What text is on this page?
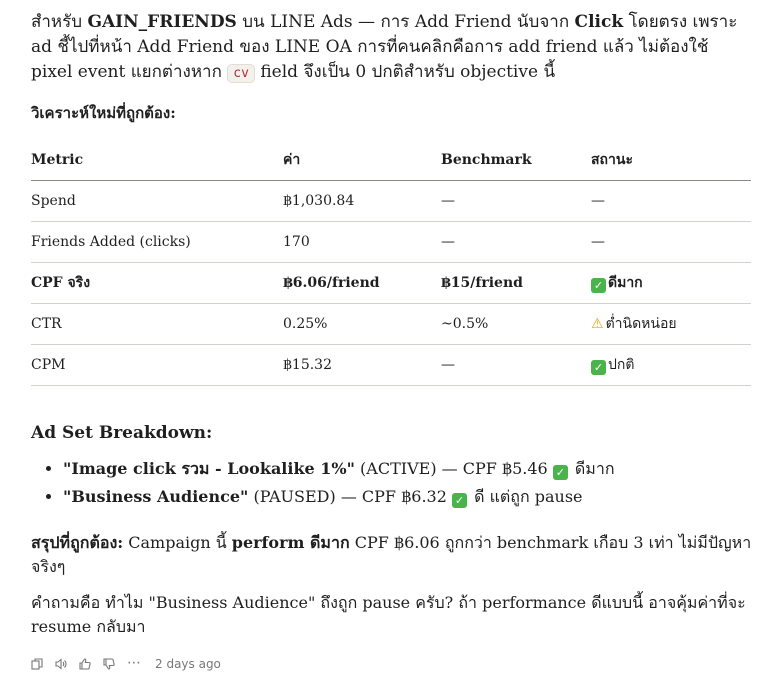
สำหรับ GAIN_FRIENDS บน LINE Ads — การ Add Friend นับจาก Click โดยตรง เพราะ ad ชี้ไปที่หน้า Add Friend ของ LINE OA การที่คนคลิกคือการ add friend แล้ว ไม่ต้องใช้ pixel event แยกต่างหาก cv field จึงเป็น 0 ปกติสำหรับ objective นี้

วิเคราะห์ใหม่ที่ถูกต้อง:
Metric	ค่า	Benchmark	สถานะ
Spend	฿1,030.84	—	—
Friends Added (clicks)	170	—	—
CPF จริง	฿6.06/friend	฿15/friend	✓ ดีมาก
CTR	0.25%	~0.5%	⚠ ต่ำนิดหน่อย
CPM	฿15.32	—	✓ ปกติ
Ad Set Breakdown:
• "Image click รวม - Lookalike 1%" (ACTIVE) — CPF ฿5.46 ✓ ดีมาก
• "Business Audience" (PAUSED) — CPF ฿6.32 ✓ ดี แต่ถูก pause

สรุปที่ถูกต้อง: Campaign นี้ perform ดีมาก CPF ฿6.06 ถูกกว่า benchmark เกือบ 3 เท่า ไม่มีปัญหาจริงๆ

คำถามคือ ทำไม "Business Audience" ถึงถูก pause ครับ? ถ้า performance ดีแบบนี้ อาจคุ้มค่าที่จะ resume กลับมา

⋯ 2 days ago
